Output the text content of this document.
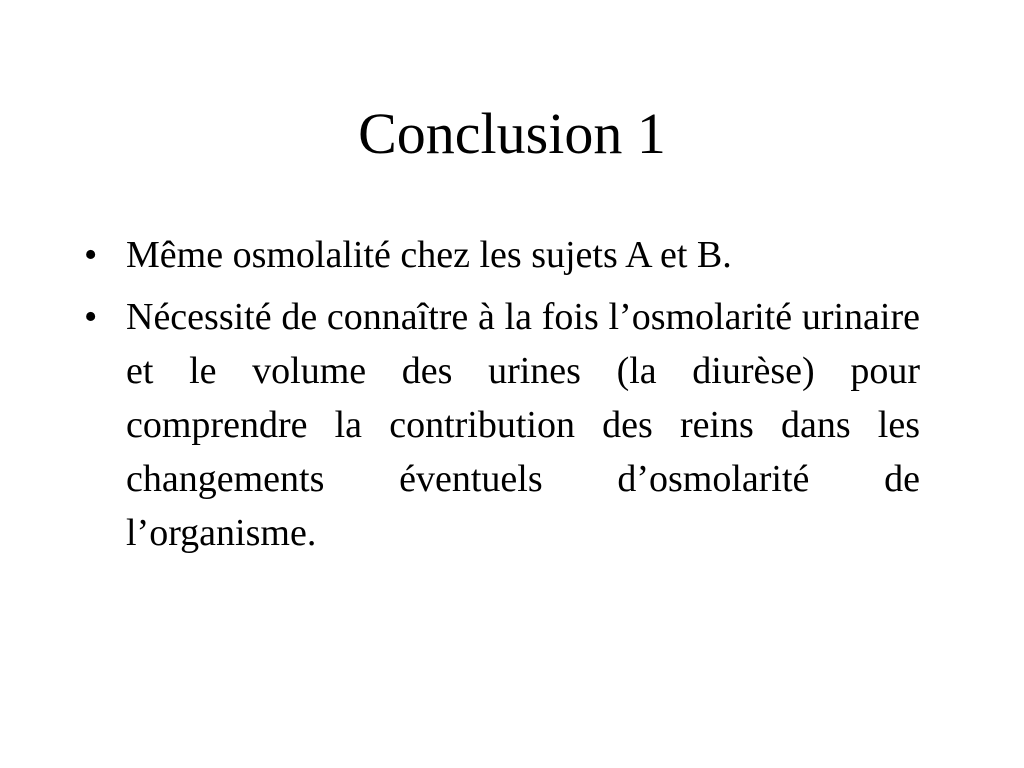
Conclusion 1
• Même osmolalité chez les sujets A et B.
• Nécessité de connaître à la fois l’osmolarité urinaire et le volume des urines (la diurèse) pour comprendre la contribution des reins dans les changements éventuels d’osmolarité de l’organisme.
